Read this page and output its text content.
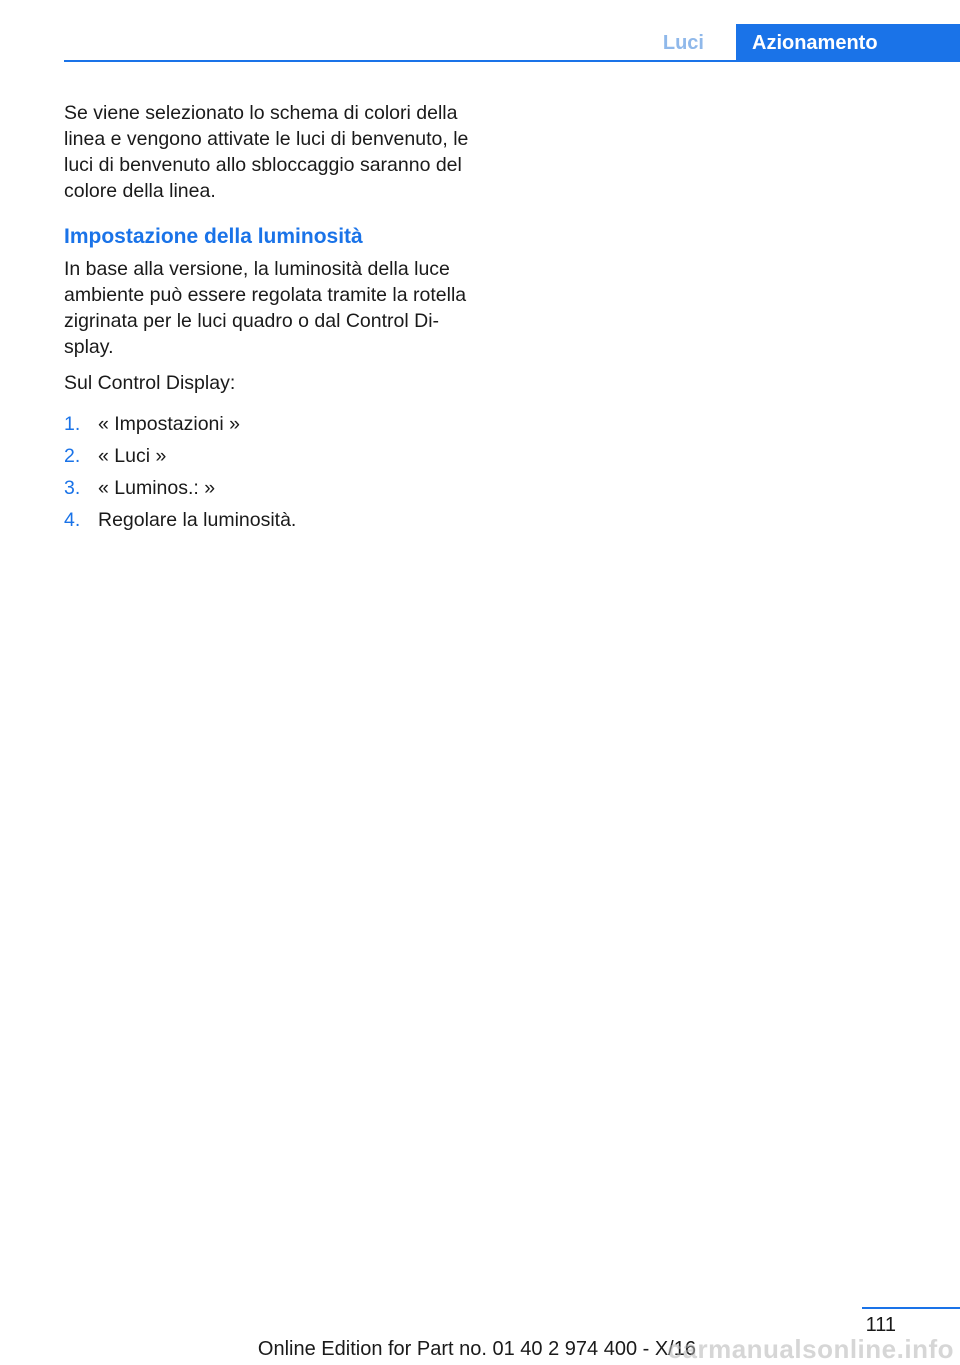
Luci	Azionamento

Se viene selezionato lo schema di colori della linea e vengono attivate le luci di benvenuto, le luci di benvenuto allo sbloccaggio saranno del colore della linea.

Impostazione della luminosità

In base alla versione, la luminosità della luce ambiente può essere regolata tramite la rotella zigrinata per le luci quadro o dal Control Di‐splay.

Sul Control Display:

1. « Impostazioni »
2. « Luci »
3. « Luminos.: »
4. Regolare la luminosità.
111
Online Edition for Part no. 01 40 2 974 400 - X/16
carmanualsonline.info
